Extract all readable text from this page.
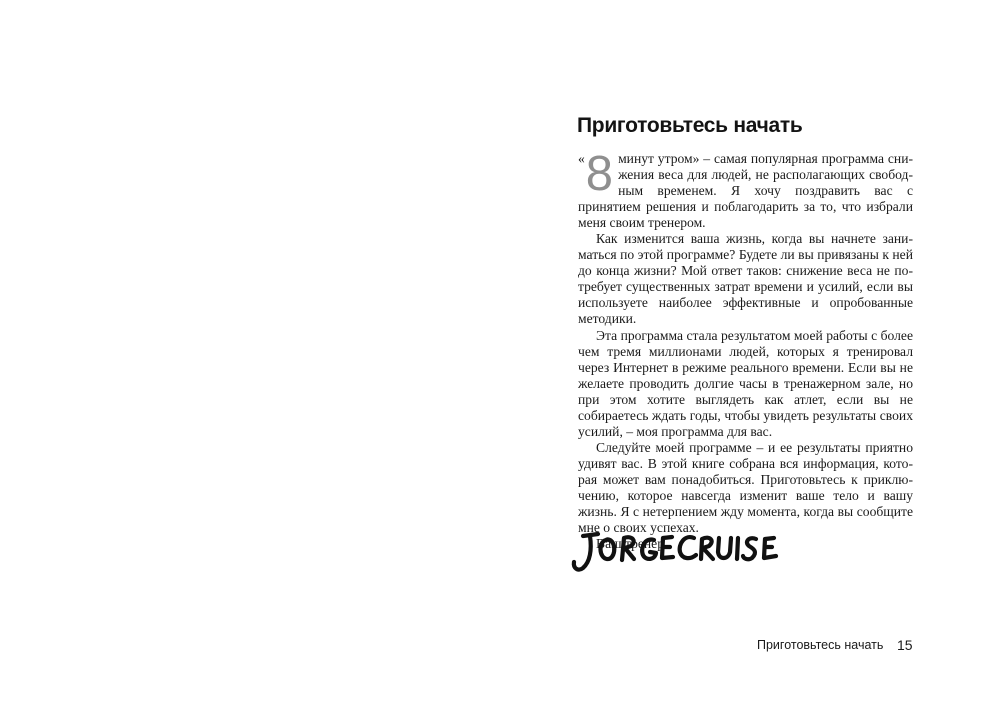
Приготовьтесь начать

« 8 минут утром» – самая популярная программа снижения веса для людей, не располагающих свободным временем. Я хочу поздравить вас с принятием решения и поблагодарить за то, что избрали меня своим тренером.

Как изменится ваша жизнь, когда вы начнете заниматься по этой программе? Будете ли вы привязаны к ней до конца жизни? Мой ответ таков: снижение веса не потребует существенных затрат времени и усилий, если вы используете наиболее эффективные и опробованные методики.

Эта программа стала результатом моей работы с более чем тремя миллионами людей, которых я тренировал через Интернет в режиме реального времени. Если вы не желаете проводить долгие часы в тренажерном зале, но при этом хотите выглядеть как атлет, если вы не собираетесь ждать годы, чтобы увидеть результаты своих усилий, – моя программа для вас.

Следуйте моей программе – и ее результаты приятно удивят вас. В этой книге собрана вся информация, которая может вам понадобиться. Приготовьтесь к приключению, которое навсегда изменит ваше тело и вашу жизнь. Я с нетерпением жду момента, когда вы сообщите мне о своих успехах.

Ваш тренер

Приготовьтесь начать 15
